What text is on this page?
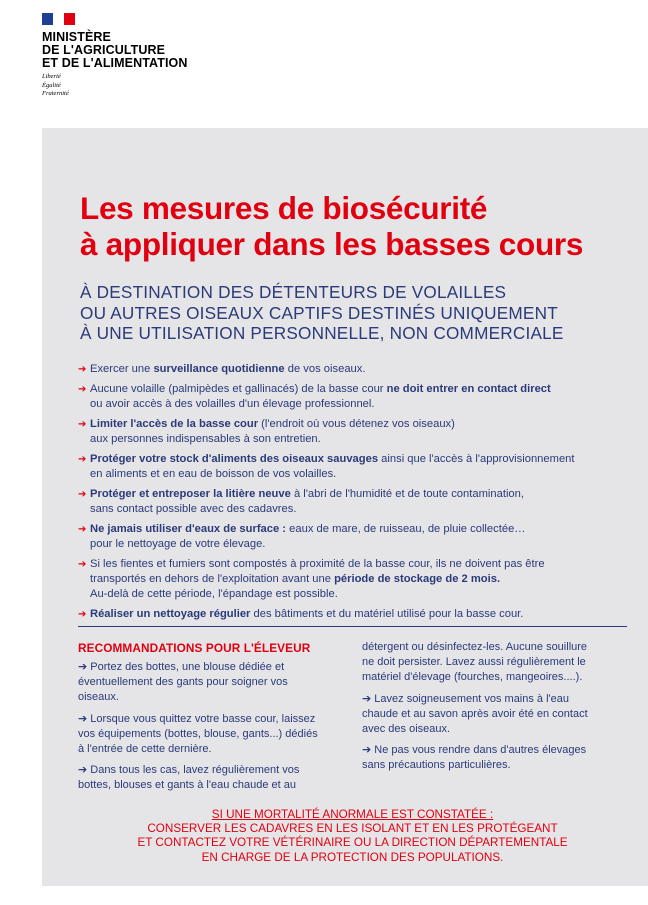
MINISTÈRE
DE L'AGRICULTURE
ET DE L'ALIMENTATION
Liberté
Égalité
Fraternité
Les mesures de biosécurité
à appliquer dans les basses cours
À DESTINATION DES DÉTENTEURS DE VOLAILLES
OU AUTRES OISEAUX CAPTIFS DESTINÉS UNIQUEMENT
À UNE UTILISATION PERSONNELLE, NON COMMERCIALE
➔ Exercer une surveillance quotidienne de vos oiseaux.
➔ Aucune volaille (palmipèdes et gallinacés) de la basse cour ne doit entrer en contact direct
ou avoir accès à des volailles d'un élevage professionnel.
➔ Limiter l'accès de la basse cour (l'endroit où vous détenez vos oiseaux)
aux personnes indispensables à son entretien.
➔ Protéger votre stock d'aliments des oiseaux sauvages ainsi que l'accès à l'approvisionnement
en aliments et en eau de boisson de vos volailles.
➔ Protéger et entreposer la litière neuve à l'abri de l'humidité et de toute contamination,
sans contact possible avec des cadavres.
➔ Ne jamais utiliser d'eaux de surface : eaux de mare, de ruisseau, de pluie collectée…
pour le nettoyage de votre élevage.
➔ Si les fientes et fumiers sont compostés à proximité de la basse cour, ils ne doivent pas être
transportés en dehors de l'exploitation avant une période de stockage de 2 mois.
Au-delà de cette période, l'épandage est possible.
➔ Réaliser un nettoyage régulier des bâtiments et du matériel utilisé pour la basse cour.
RECOMMANDATIONS POUR L'ÉLEVEUR
➔ Portez des bottes, une blouse dédiée et
éventuellement des gants pour soigner vos
oiseaux.
➔ Lorsque vous quittez votre basse cour, laissez
vos équipements (bottes, blouse, gants...) dédiés
à l'entrée de cette dernière.
➔ Dans tous les cas, lavez régulièrement vos
bottes, blouses et gants à l'eau chaude et au
détergent ou désinfectez-les. Aucune souillure
ne doit persister. Lavez aussi régulièrement le
matériel d'élevage (fourches, mangeoires....).
➔ Lavez soigneusement vos mains à l'eau
chaude et au savon après avoir été en contact
avec des oiseaux.
➔ Ne pas vous rendre dans d'autres élevages
sans précautions particulières.
SI UNE MORTALITÉ ANORMALE EST CONSTATÉE :
CONSERVER LES CADAVRES EN LES ISOLANT ET EN LES PROTÉGEANT
ET CONTACTEZ VOTRE VÉTÉRINAIRE OU LA DIRECTION DÉPARTEMENTALE
EN CHARGE DE LA PROTECTION DES POPULATIONS.
